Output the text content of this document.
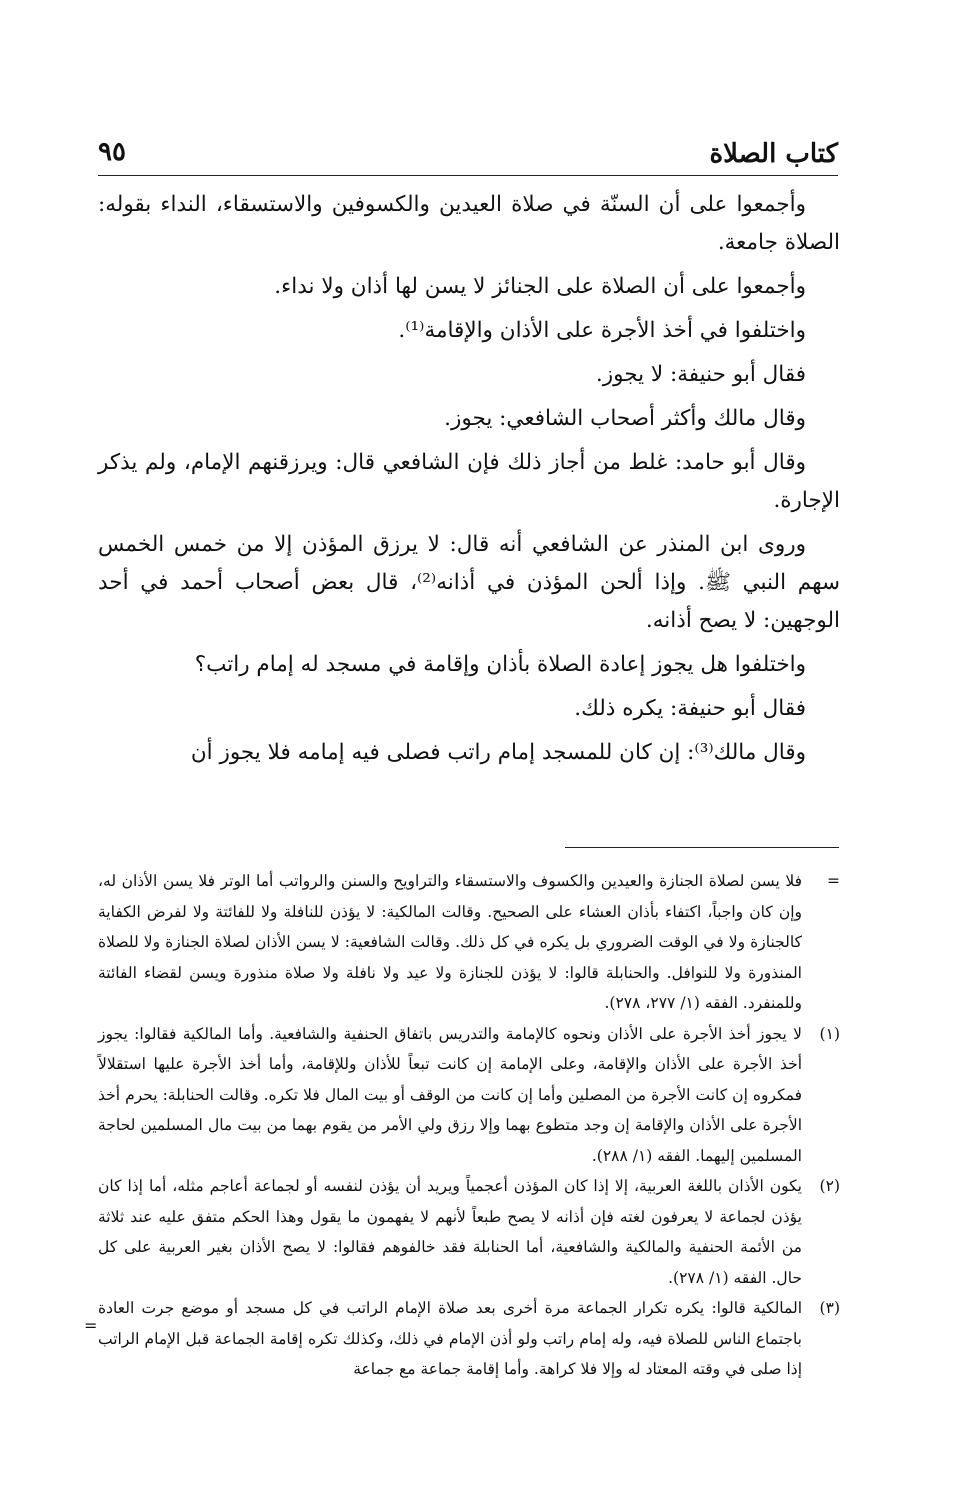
كتاب الصلاة
٩٥

وأجمعوا على أن السنّة في صلاة العيدين والكسوفين والاستسقاء، النداء بقوله: الصلاة جامعة.

وأجمعوا على أن الصلاة على الجنائز لا يسن لها أذان ولا نداء.

واختلفوا في أخذ الأجرة على الأذان والإقامة⁽¹⁾.

فقال أبو حنيفة: لا يجوز.

وقال مالك وأكثر أصحاب الشافعي: يجوز.

وقال أبو حامد: غلط من أجاز ذلك فإن الشافعي قال: ويرزقنهم الإمام، ولم يذكر الإجارة.

وروى ابن المنذر عن الشافعي أنه قال: لا يرزق المؤذن إلا من خمس الخمس سهم النبي ﷺ. وإذا ألحن المؤذن في أذانه⁽²⁾، قال بعض أصحاب أحمد في أحد الوجهين: لا يصح أذانه.

واختلفوا هل يجوز إعادة الصلاة بأذان وإقامة في مسجد له إمام راتب؟

فقال أبو حنيفة: يكره ذلك.

وقال مالك⁽³⁾: إن كان للمسجد إمام راتب فصلى فيه إمامه فلا يجوز أن

=
فلا يسن لصلاة الجنازة والعيدين والكسوف والاستسقاء والتراويح والسنن والرواتب أما الوتر فلا يسن الأذان له، وإن كان واجباً، اكتفاء بأذان العشاء على الصحيح. وقالت المالكية: لا يؤذن للنافلة ولا للفائتة ولا لفرض الكفاية كالجنازة ولا في الوقت الضروري بل يكره في كل ذلك. وقالت الشافعية: لا يسن الأذان لصلاة الجنازة ولا للصلاة المنذورة ولا للنوافل. والحنابلة قالوا: لا يؤذن للجنازة ولا عيد ولا نافلة ولا صلاة منذورة ويسن لقضاء الفائتة وللمنفرد. الفقه (١/ ٢٧٧، ٢٧٨).

(١)
لا يجوز أخذ الأجرة على الأذان ونحوه كالإمامة والتدريس باتفاق الحنفية والشافعية. وأما المالكية فقالوا: يجوز أخذ الأجرة على الأذان والإقامة، وعلى الإمامة إن كانت تبعاً للأذان وللإقامة، وأما أخذ الأجرة عليها استقلالاً فمكروه إن كانت الأجرة من المصلين وأما إن كانت من الوقف أو بيت المال فلا تكره. وقالت الحنابلة: يحرم أخذ الأجرة على الأذان والإقامة إن وجد متطوع بهما وإلا رزق ولي الأمر من يقوم بهما من بيت مال المسلمين لحاجة المسلمين إليهما. الفقه (١/ ٢٨٨).

(٢)
يكون الأذان باللغة العربية، إلا إذا كان المؤذن أعجمياً ويريد أن يؤذن لنفسه أو لجماعة أعاجم مثله، أما إذا كان يؤذن لجماعة لا يعرفون لغته فإن أذانه لا يصح طبعاً لأنهم لا يفهمون ما يقول وهذا الحكم متفق عليه عند ثلاثة من الأئمة الحنفية والمالكية والشافعية، أما الحنابلة فقد خالفوهم فقالوا: لا يصح الأذان بغير العربية على كل حال. الفقه (١/ ٢٧٨).

(٣)
المالكية قالوا: يكره تكرار الجماعة مرة أخرى بعد صلاة الإمام الراتب في كل مسجد أو موضع جرت العادة باجتماع الناس للصلاة فيه، وله إمام راتب ولو أذن الإمام في ذلك، وكذلك تكره إقامة الجماعة قبل الإمام الراتب إذا صلى في وقته المعتاد له وإلا فلا كراهة. وأما إقامة جماعة مع جماعة

=
